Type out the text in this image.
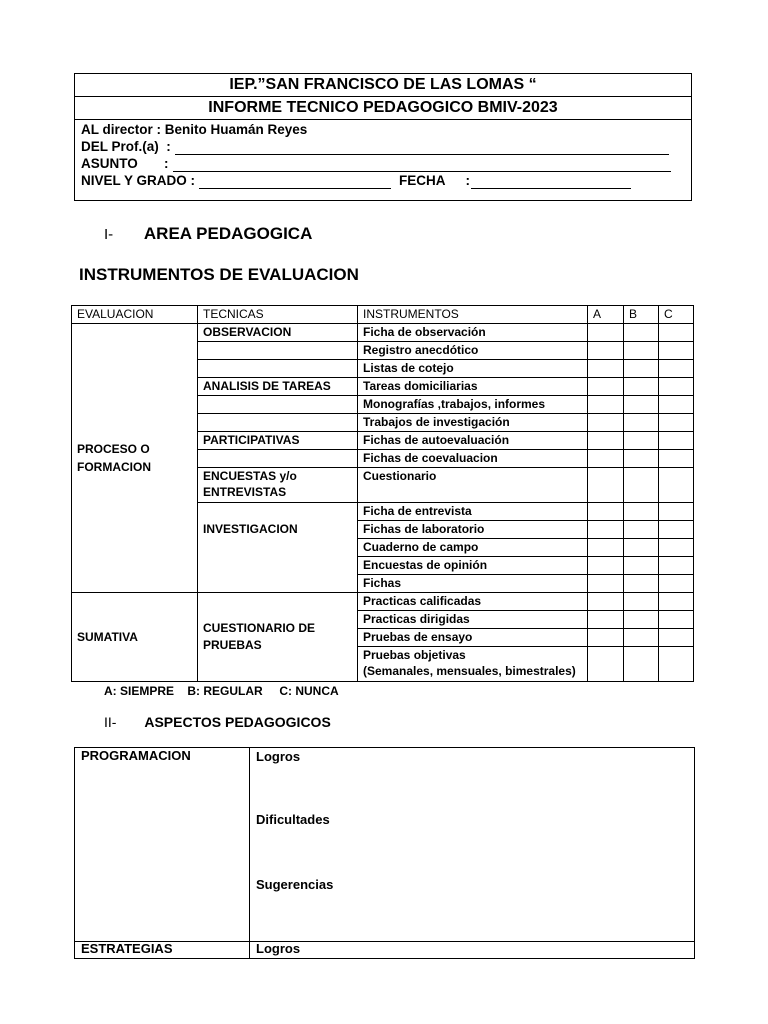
IEP.”SAN FRANCISCO DE LAS LOMAS “
INFORME TECNICO PEDAGOGICO BMIV-2023
AL director : Benito Huamán Reyes
DEL Prof.(a)  :
ASUNTO       :
NIVEL Y GRADO :	FECHA :
I- AREA PEDAGOGICA
INSTRUMENTOS DE EVALUACION
EVALUACION	TECNICAS	INSTRUMENTOS	A	B	C
PROCESO O FORMACION	OBSERVACION	Ficha de observación			
		Registro anecdótico			
		Listas de cotejo			
	ANALISIS DE TAREAS	Tareas domiciliarias			
		Monografías ,trabajos, informes			
		Trabajos de investigación			
	PARTICIPATIVAS	Fichas de autoevaluación			
		Fichas de coevaluacion			
	ENCUESTAS y/o ENTREVISTAS	Cuestionario			
	INVESTIGACION	Ficha de entrevista			
		Fichas de laboratorio			
		Cuaderno de campo			
		Encuestas de opinión			
		Fichas			
SUMATIVA	CUESTIONARIO DE PRUEBAS	Practicas calificadas			
		Practicas dirigidas			
		Pruebas de ensayo			

		Pruebas objetivas
(Semanales, mensuales, bimestrales)			

A: SIEMPRE    B: REGULAR     C: NUNCA
II- ASPECTOS PEDAGOGICOS
PROGRAMACION	Logros
Dificultades
Sugerencias

ESTRATEGIAS	Logros
